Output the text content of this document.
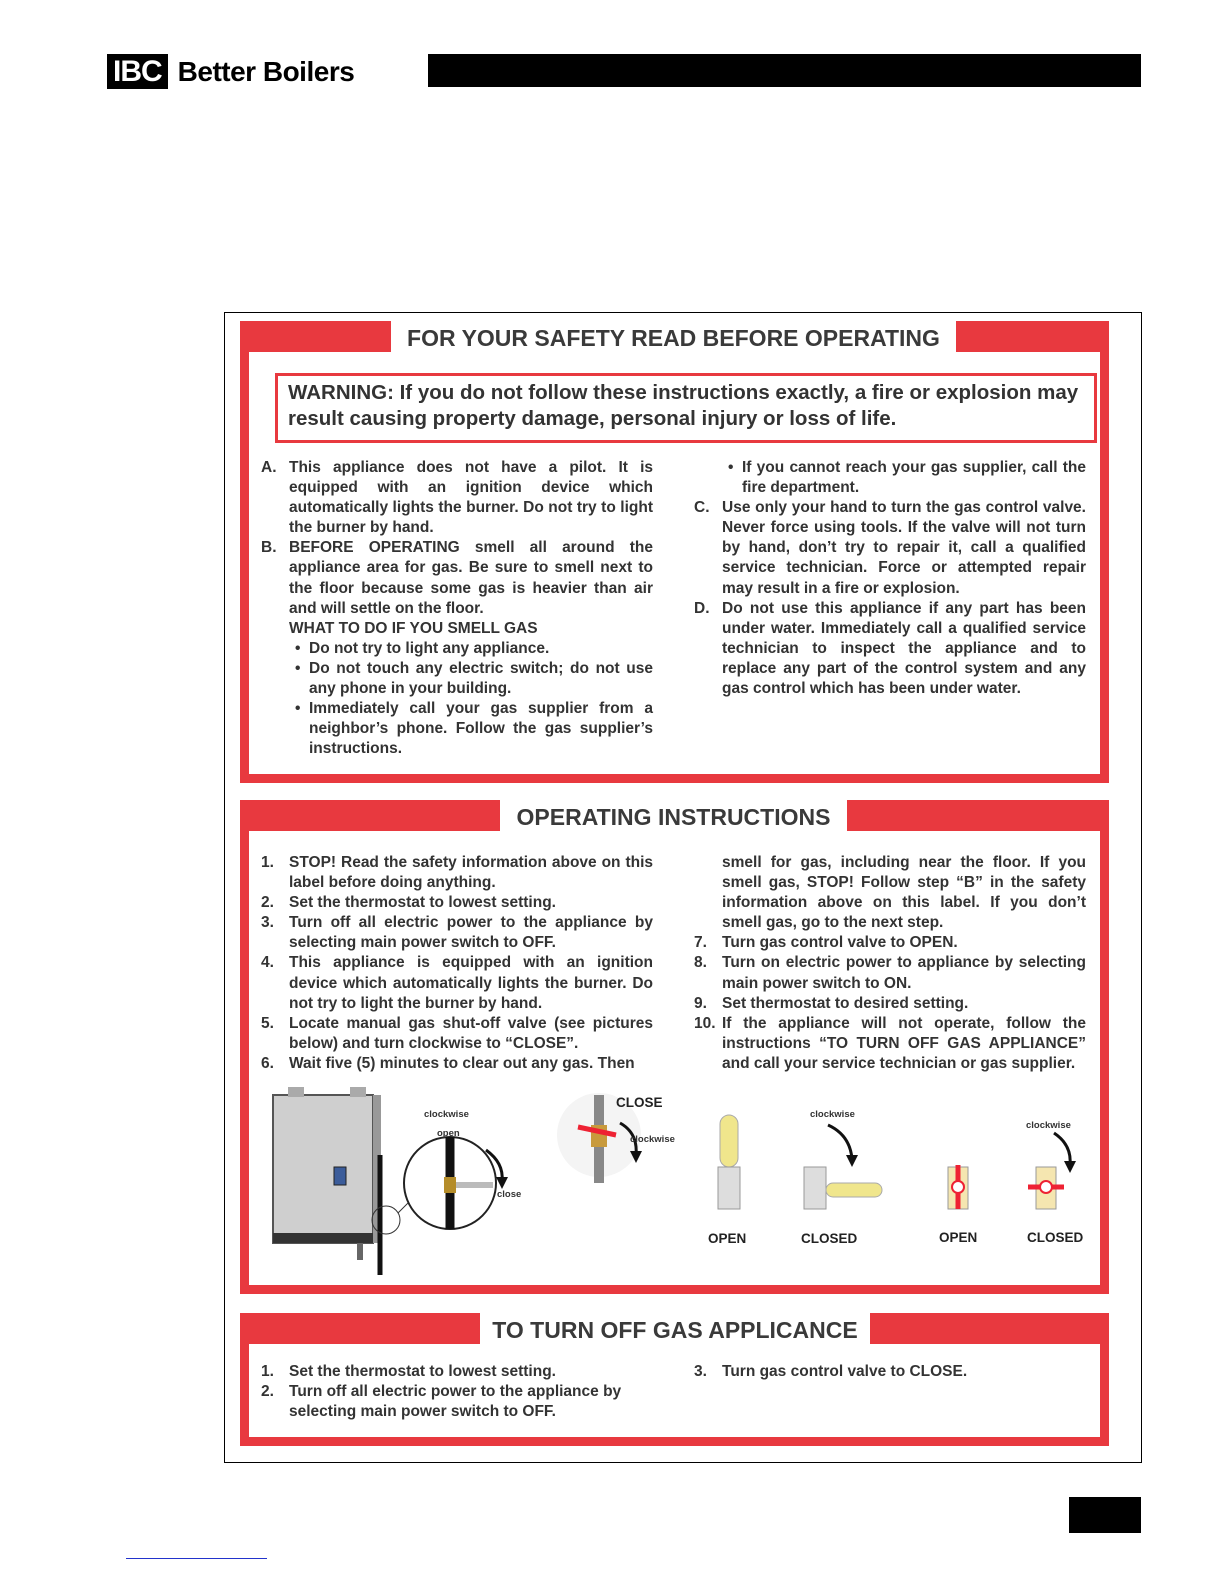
IBC Better Boilers
FOR YOUR SAFETY READ BEFORE OPERATING
WARNING: If you do not follow these instructions exactly, a fire or explosion may result causing property damage, personal injury or loss of life.
A. This appliance does not have a pilot. It is equipped with an ignition device which automatically lights the burner. Do not try to light the burner by hand.
B. BEFORE OPERATING smell all around the appliance area for gas. Be sure to smell next to the floor because some gas is heavier than air and will settle on the floor.
WHAT TO DO IF YOU SMELL GAS
• Do not try to light any appliance.
• Do not touch any electric switch; do not use any phone in your building.
• Immediately call your gas supplier from a neighbor’s phone. Follow the gas supplier’s instructions.
• If you cannot reach your gas supplier, call the fire department.
C. Use only your hand to turn the gas control valve. Never force using tools. If the valve will not turn by hand, don’t try to repair it, call a qualified service technician. Force or attempted repair may result in a fire or explosion.
D. Do not use this appliance if any part has been under water. Immediately call a qualified service technician to inspect the appliance and to replace any part of the control system and any gas control which has been under water.
OPERATING INSTRUCTIONS
1. STOP! Read the safety information above on this label before doing anything.
2. Set the thermostat to lowest setting.
3. Turn off all electric power to the appliance by selecting main power switch to OFF.
4. This appliance is equipped with an ignition device which automatically lights the burner. Do not try to light the burner by hand.
5. Locate manual gas shut-off valve (see pictures below) and turn clockwise to “CLOSE”.
6. Wait five (5) minutes to clear out any gas. Then
smell for gas, including near the floor. If you smell gas, STOP! Follow step “B” in the safety information above on this label. If you don’t smell gas, go to the next step.
7. Turn gas control valve to OPEN.
8. Turn on electric power to appliance by selecting main power switch to ON.
9. Set thermostat to desired setting.
10. If the appliance will not operate, follow the instructions “TO TURN OFF GAS APPLIANCE” and call your service technician or gas supplier.
clockwise
open
close
CLOSE
clockwise
clockwise
clockwise
OPEN	CLOSED	OPEN	CLOSED
TO TURN OFF GAS APPLICANCE
1. Set the thermostat to lowest setting.
2. Turn off all electric power to the appliance by selecting main power switch to OFF.
3. Turn gas control valve to CLOSE.
